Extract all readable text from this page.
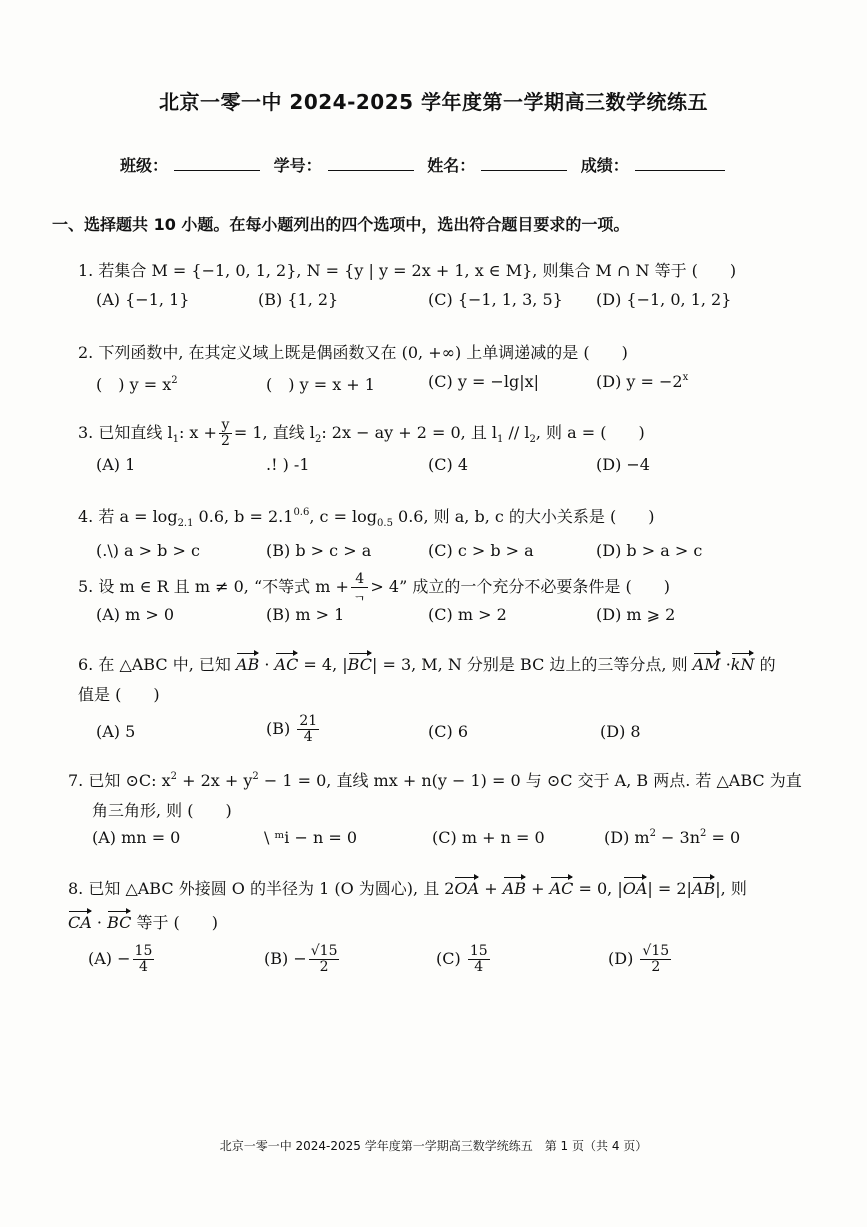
北京一零一中 2024-2025 学年度第一学期高三数学统练五
班级：	学号：	姓名：	成绩：
一、选择题共 10 小题。在每小题列出的四个选项中，选出符合题目要求的一项。
1. 若集合 M = {−1, 0, 1, 2}, N = {y | y = 2x + 1, x ∈ M}, 则集合 M ∩ N 等于 (　　)
(A) {−1, 1}	(B) {1, 2}	(C) {−1, 1, 3, 5} (D) {−1, 0, 1, 2}
2. 下列函数中, 在其定义域上既是偶函数又在 (0, +∞) 上单调递减的是 (　　)
(　) $y = x^2$	(　) y = x + 1	(C) y = −lg|x|	(D) $y = -2^x$
3. 已知直线 $l_1$: $x + \frac{y}{2} = 1$, 直线 $l_2$: 2x − ay + 2 = 0, 且 $l_1 // l_2$, 则 a = (　　)
(A) 1	.! ) -1	(C) 4	(D) −4
4. 若 $a = \log_{2.1} 0.6$, $b = 2.1^{0.6}$, $c = \log_{0.5} 0.6$, 则 a, b, c 的大小关系是 (　　)
(.\) a > b > c	(B) b > c > a	(C) c > b > a	(D) b > a > c
5. 设 m ∈ R 且 m ≠ 0, “不等式 $m + \frac{4}{\text{ᆨ}} > 4$” 成立的一个充分不必要条件是 (　　)
(A) m > 0	(B) m > 1	(C) m > 2	(D) m ⩾ 2
6. 在 △ABC 中, 已知 AB · AC = 4, |BC| = 3, M, N 分别是 BC 边上的三等分点, 则 AM ·kN 的
值是 (　　)
(A) 5	$(B) \frac{21}{4}$	(C) 6	(D) 8
7. 已知 ⊙C: $x^2 + 2x + y^2 - 1 = 0$, 直线 mx + n(y − 1) = 0 与 ⊙C 交于 A, B 两点. 若 △ABC 为直
角三角形, 则 (　　)
(A) mn = 0	\ ᵐi − n = 0	(C) m + n = 0	(D) $m^2 - 3n^2 = 0$
8. 已知 △ABC 外接圆 O 的半径为 1 (O 为圆心), 且 2OA + AB + AC = 0, |OA| = 2|AB|, 则
CA · BC 等于 (　　)
$(A) - \frac{15}{4}$	$(B) - \frac{√15}{2}$	$(C) \frac{15}{4}$	$(D) \frac{√15}{2}$
北京一零一中 2024-2025 学年度第一学期高三数学统练五　第 1 页（共 4 页）
